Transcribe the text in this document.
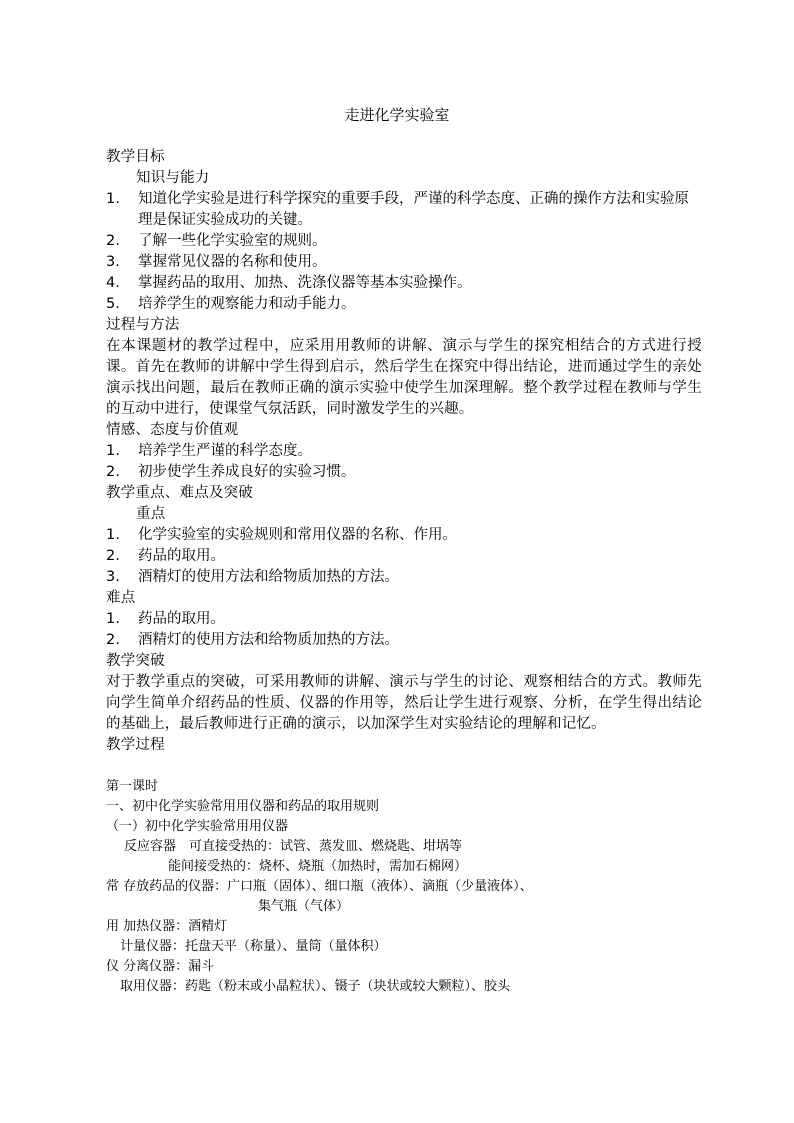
走进化学实验室

教学目标

知识与能力

1.	知道化学实验是进行科学探究的重要手段，严谨的科学态度、正确的操作方法和实验原理是保证实验成功的关键。
2.	了解一些化学实验室的规则。
3.	掌握常见仪器的名称和使用。
4.	掌握药品的取用、加热、洗涤仪器等基本实验操作。
5.	培养学生的观察能力和动手能力。

过程与方法

在本课题材的教学过程中，应采用用教师的讲解、演示与学生的探究相结合的方式进行授课。首先在教师的讲解中学生得到启示，然后学生在探究中得出结论，进而通过学生的亲处演示找出问题，最后在教师正确的演示实验中使学生加深理解。整个教学过程在教师与学生的互动中进行，使课堂气氛活跃，同时激发学生的兴趣。

情感、态度与价值观

1.	培养学生严谨的科学态度。
2.	初步使学生养成良好的实验习惯。

教学重点、难点及突破

重点

1.	化学实验室的实验规则和常用仪器的名称、作用。
2.	药品的取用。
3.	酒精灯的使用方法和给物质加热的方法。

难点

1.	药品的取用。
2.	酒精灯的使用方法和给物质加热的方法。

教学突破

对于教学重点的突破，可采用教师的讲解、演示与学生的讨论、观察相结合的方式。教师先向学生简单介绍药品的性质、仪器的作用等，然后让学生进行观察、分析，在学生得出结论的基础上，最后教师进行正确的演示，以加深学生对实验结论的理解和记忆。

教学过程

第一课时
一、初中化学实验常用用仪器和药品的取用规则
（一）初中化学实验常用用仪器
反应容器　可直接受热的：试管、蒸发皿、燃烧匙、坩埚等
能间接受热的：烧杯、烧瓶（加热时，需加石棉网）
常 存放药品的仪器：广口瓶（固体）、细口瓶（液体）、滴瓶（少量液体）、
集气瓶（气体）
用 加热仪器：酒精灯
计量仪器：托盘天平（称量）、量筒（量体积）
仪 分离仪器：漏斗
取用仪器：药匙（粉末或小晶粒状）、镊子（块状或较大颗粒）、胶头
